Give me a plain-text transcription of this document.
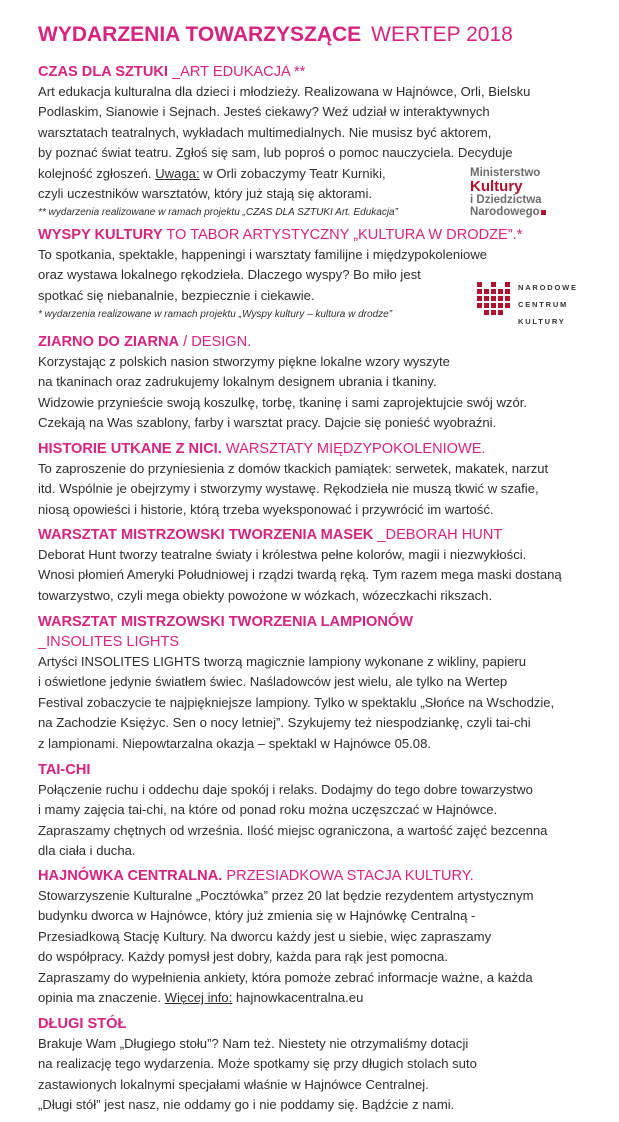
WYDARZENIA TOWARZYSZĄCE WERTEP 2018
CZAS DLA SZTUKI _ART EDUKACJA **

Art edukacja kulturalna dla dzieci i młodzieży. Realizowana w Hajnówce, Orli, Bielsku
Podlaskim, Sianowie i Sejnach. Jesteś ciekawy? Weź udział w interaktywnych
warsztatach teatralnych, wykładach multimedialnych. Nie musisz być aktorem,
by poznać świat teatru. Zgłoś się sam, lub poproś o pomoc nauczyciela. Decyduje
kolejność zgłoszeń. Uwaga: w Orli zobaczymy Teatr Kurniki,
czyli uczestników warsztatów, który już stają się aktoramі.

** wydarzenia realizowane w ramach projektu „CZAS DLA SZTUKI Art. Edukacja”
Ministerstwo
Kultury
i Dziedzictwa
Narodowego
WYSPY KULTURY TO TABOR ARTYSTYCZNY „KULTURA W DRODZE”.*

To spotkania, spektakle, happeningi i warsztaty familijne i międzypokoleniowe
oraz wystawa lokalnego rękodzieła. Dlaczego wyspy? Bo miło jest
spotkać się niebanalnie, bezpiecznie i ciekawie.

* wydarzenia realizowane w ramach projektu „Wyspy kultury – kultura w drodze”
NARODOWE
CENTRUM
KULTURY
ZIARNO DO ZIARNA / DESIGN.

Korzystając z polskich nasion stworzymy piękne lokalne wzory wyszyte
na tkaninach oraz zadrukujemy lokalnym designem ubrania i tkaniny.
Widzowie przyniеście swoją koszulkę, torbę, tkaninę i sami zaprojektujcie swój wzór.
Czekają na Was szablony, farby i warsztat pracy. Dajcie się ponieść wyobraźni.

HISTORIE UTKANE Z NICI. WARSZTATY MIĘDZYPOKOLENIOWE.

To zaproszenie do przyniesienia z domów tkackich pamiątek: serwetek, makatek, narzut
itd. Wspólnie je obejrzymy i stworzymy wystawę. Rękodzieła nie muszą tkwić w szafie,
niosą opowieści i historie, którą trzeba wyeksponować i przywrócić im wartość.

WARSZTAT MISTRZOWSKI TWORZENIA MASEK _DEBORAH HUNT

Deborat Hunt tworzy teatralne światy i królestwa pełne kolorów, magii i niezwykłości.
Wnosi płomień Ameryki Południowej i rządzi twardą ręką. Tym razem mega maski dostaną
towarzystwo, czyli mega obiekty powożone w wózkach, wózeczkachi rikszach.

WARSZTAT MISTRZOWSKI TWORZENIA LAMPIONÓW
_INSOLITES LIGHTS

Artyści INSOLITES LIGHTS tworzą magicznie lampiony wykonane z wikliny, papieru
i oświetlone jedynie światłem świec. Naśladowców jest wielu, ale tylko na Wertep
Festival zobaczycie te najpiękniejsze lampiony. Tylko w spektaklu „Słońce na Wschodzie,
na Zachodzie Księżyc. Sen o nocy letniej”. Szykujemy też niespodziankę, czyli tai-chi
z lampionami. Niepowtarzalna okazja – spektakl w Hajnówce 05.08.

TAI-CHI

Połączenie ruchu i oddechu daje spokój i relaks. Dodajmy do tego dobre towarzystwo
i mamy zajęcia tai-chi, na które od ponad roku można uczęszczać w Hajnówce.
Zapraszamy chętnych od września. Ilość miejsc ograniczona, a wartość zajęć bezcenna
dla ciała i ducha.

HAJNÓWKA CENTRALNA. PRZESIADKOWA STACJA KULTURY.

Stowarzyszenie Kulturalne „Pocztówka” przez 20 lat będzie rezydentem artystycznym
budynku dworca w Hajnówce, który już zmienia się w Hajnówkę Centralną -
Przesiadkową Stację Kultury. Na dworcu każdy jest u siebie, więc zapraszamy
do współpracy. Każdy pomysł jest dobry, każda para rąk jest pomocna.
Zapraszamy do wypełnienia ankiety, która pomoże zebrać informacje ważne, a każda
opinia ma znaczenie. Więcej info: hajnowkacentralna.eu

DŁUGI STÓŁ

Brakuje Wam „Długiego stołu”? Nam też. Niestety nie otrzymaliśmy dotacji
na realizację tego wydarzenia. Może spotkamy się przy długich stolach suto
zastawionych lokalnymi specjałami właśnie w Hajnówce Centralnej.
„Długi stół” jest nasz, nie oddamy go i nie poddamy się. Bądźcie z nami.
